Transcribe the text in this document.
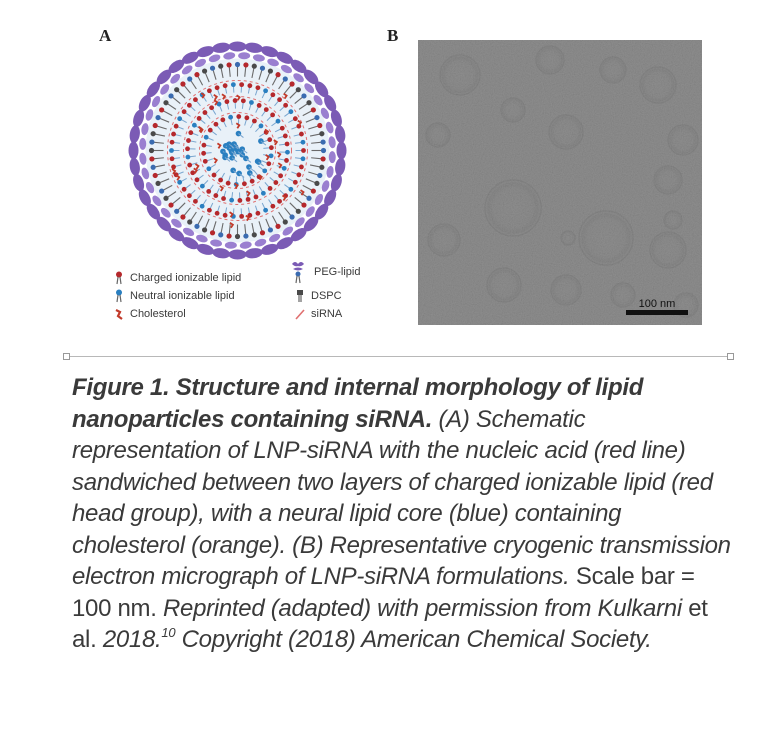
A	B
Charged ionizable lipid
Neutral ionizable lipid
Cholesterol
PEG-lipid
DSPC
siRNA
100 nm
Figure 1. Structure and internal morphology of lipid nanoparticles containing siRNA. (A) Schematic representation of LNP-siRNA with the nucleic acid (red line) sandwiched between two layers of charged ionizable lipid (red head group), with a neural lipid core (blue) containing cholesterol (orange). (B) Representative cryogenic transmission electron micrograph of LNP-siRNA formulations. Scale bar = 100 nm. Reprinted (adapted) with permission from Kulkarni et al. 2018.10 Copyright (2018) American Chemical Society.
